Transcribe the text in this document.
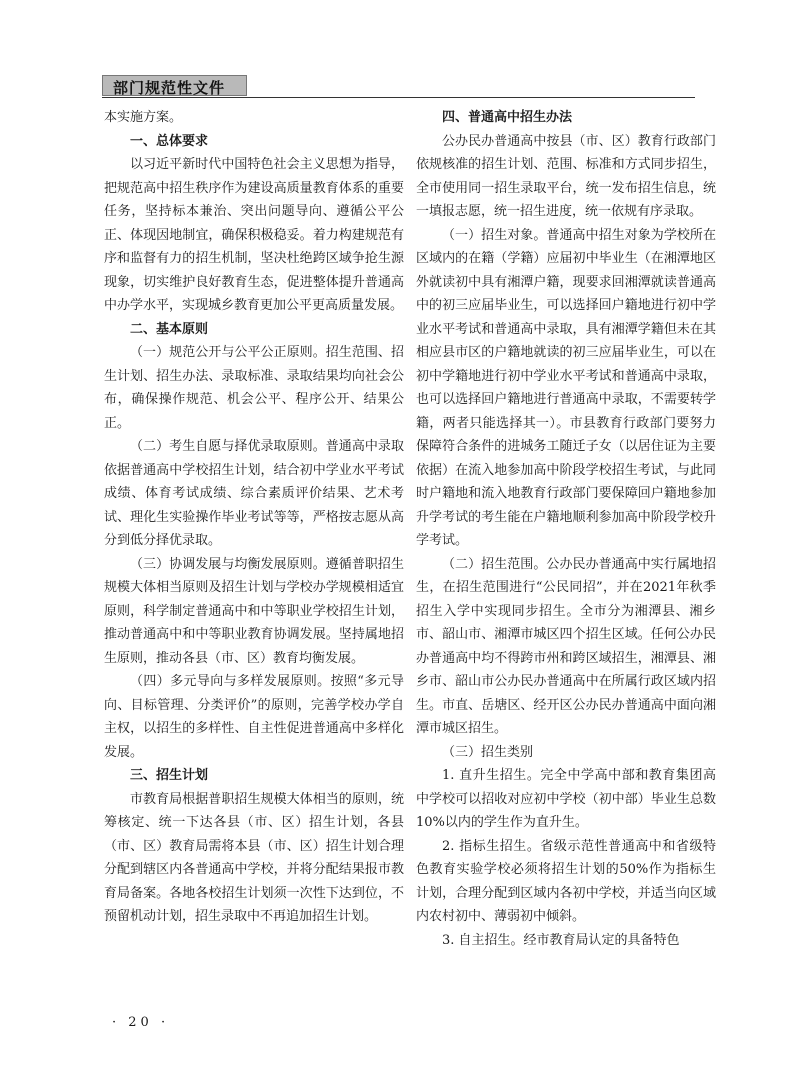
部门规范性文件

本实施方案。

一、总体要求

以习近平新时代中国特色社会主义思想为指导，把规范高中招生秩序作为建设高质量教育体系的重要任务，坚持标本兼治、突出问题导向、遵循公平公正、体现因地制宜，确保积极稳妥。着力构建规范有序和监督有力的招生机制，坚决杜绝跨区域争抢生源现象，切实维护良好教育生态，促进整体提升普通高中办学水平，实现城乡教育更加公平更高质量发展。

二、基本原则

（一）规范公开与公平公正原则。招生范围、招生计划、招生办法、录取标准、录取结果均向社会公布，确保操作规范、机会公平、程序公开、结果公正。

（二）考生自愿与择优录取原则。普通高中录取依据普通高中学校招生计划，结合初中学业水平考试成绩、体育考试成绩、综合素质评价结果、艺术考试、理化生实验操作毕业考试等等，严格按志愿从高分到低分择优录取。

（三）协调发展与均衡发展原则。遵循普职招生规模大体相当原则及招生计划与学校办学规模相适宜原则，科学制定普通高中和中等职业学校招生计划，推动普通高中和中等职业教育协调发展。坚持属地招生原则，推动各县（市、区）教育均衡发展。

（四）多元导向与多样发展原则。按照“多元导向、目标管理、分类评价”的原则，完善学校办学自主权，以招生的多样性、自主性促进普通高中多样化发展。

三、招生计划

市教育局根据普职招生规模大体相当的原则，统筹核定、统一下达各县（市、区）招生计划，各县（市、区）教育局需将本县（市、区）招生计划合理分配到辖区内各普通高中学校，并将分配结果报市教育局备案。各地各校招生计划须一次性下达到位，不预留机动计划，招生录取中不再追加招生计划。

四、普通高中招生办法

公办民办普通高中按县（市、区）教育行政部门依规核准的招生计划、范围、标准和方式同步招生，全市使用同一招生录取平台，统一发布招生信息，统一填报志愿，统一招生进度，统一依规有序录取。

（一）招生对象。普通高中招生对象为学校所在区域内的在籍（学籍）应届初中毕业生（在湘潭地区外就读初中具有湘潭户籍，现要求回湘潭就读普通高中的初三应届毕业生，可以选择回户籍地进行初中学业水平考试和普通高中录取，具有湘潭学籍但未在其相应县市区的户籍地就读的初三应届毕业生，可以在初中学籍地进行初中学业水平考试和普通高中录取，也可以选择回户籍地进行普通高中录取，不需要转学籍，两者只能选择其一）。市县教育行政部门要努力保障符合条件的进城务工随迁子女（以居住证为主要依据）在流入地参加高中阶段学校招生考试，与此同时户籍地和流入地教育行政部门要保障回户籍地参加升学考试的考生能在户籍地顺利参加高中阶段学校升学考试。

（二）招生范围。公办民办普通高中实行属地招生，在招生范围进行“公民同招”，并在2021年秋季招生入学中实现同步招生。全市分为湘潭县、湘乡市、韶山市、湘潭市城区四个招生区域。任何公办民办普通高中均不得跨市州和跨区域招生，湘潭县、湘乡市、韶山市公办民办普通高中在所属行政区域内招生。市直、岳塘区、经开区公办民办普通高中面向湘潭市城区招生。

（三）招生类别

1. 直升生招生。完全中学高中部和教育集团高中学校可以招收对应初中学校（初中部）毕业生总数10%以内的学生作为直升生。

2. 指标生招生。省级示范性普通高中和省级特色教育实验学校必须将招生计划的50%作为指标生计划，合理分配到区域内各初中学校，并适当向区域内农村初中、薄弱初中倾斜。

3. 自主招生。经市教育局认定的具备特色

· 20 ·
